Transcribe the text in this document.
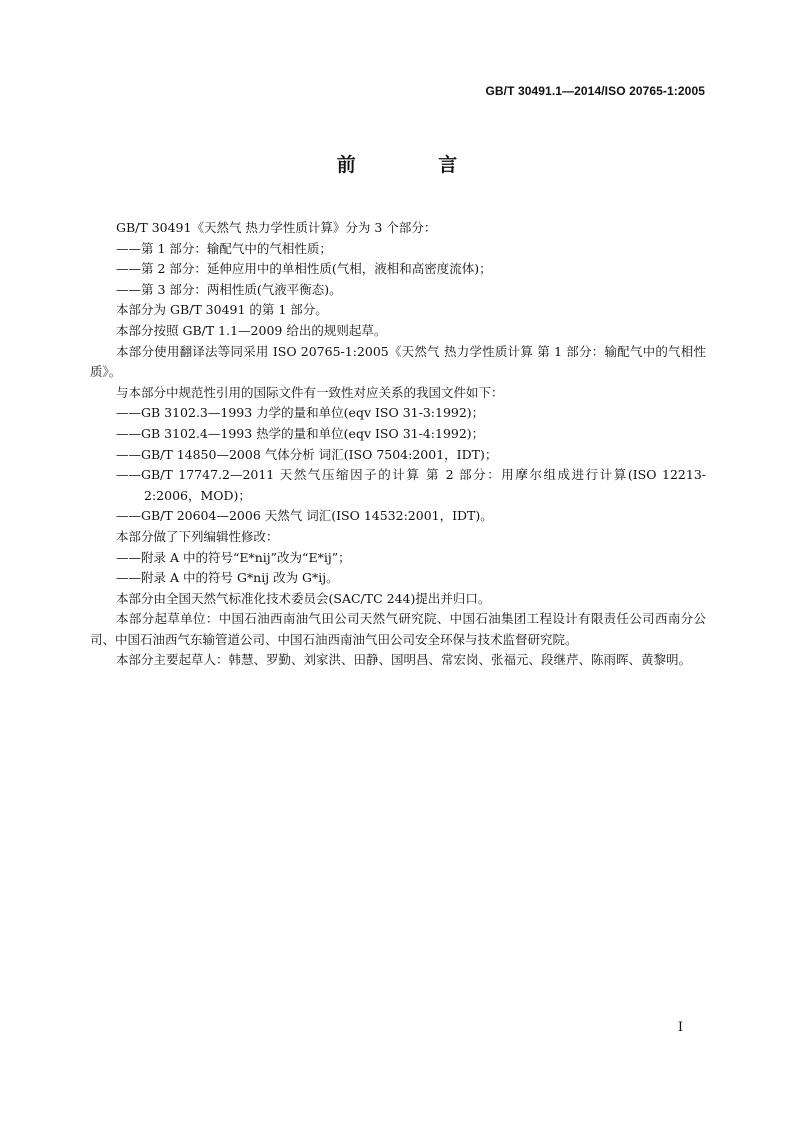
GB/T 30491.1—2014/ISO 20765-1:2005
前 言

GB/T 30491《天然气 热力学性质计算》分为 3 个部分：

——第 1 部分：输配气中的气相性质；

——第 2 部分：延伸应用中的单相性质(气相，液相和高密度流体)；

——第 3 部分：两相性质(气液平衡态)。

本部分为 GB/T 30491 的第 1 部分。

本部分按照 GB/T 1.1—2009 给出的规则起草。

本部分使用翻译法等同采用 ISO 20765-1:2005《天然气 热力学性质计算 第 1 部分：输配气中的气相性质》。

与本部分中规范性引用的国际文件有一致性对应关系的我国文件如下：

——GB 3102.3—1993 力学的量和单位(eqv ISO 31-3:1992)；

——GB 3102.4—1993 热学的量和单位(eqv ISO 31-4:1992)；

——GB/T 14850—2008 气体分析 词汇(ISO 7504:2001，IDT)；

——GB/T 17747.2—2011 天然气压缩因子的计算 第 2 部分：用摩尔组成进行计算(ISO 12213-2:2006，MOD)；

——GB/T 20604—2006 天然气 词汇(ISO 14532:2001，IDT)。

本部分做了下列编辑性修改：

——附录 A 中的符号“E*nij”改为“E*ij”；

——附录 A 中的符号 G*nij 改为 G*ij。

本部分由全国天然气标准化技术委员会(SAC/TC 244)提出并归口。

本部分起草单位：中国石油西南油气田公司天然气研究院、中国石油集团工程设计有限责任公司西南分公司、中国石油西气东输管道公司、中国石油西南油气田公司安全环保与技术监督研究院。

本部分主要起草人：韩慧、罗勤、刘家洪、田静、国明昌、常宏岗、张福元、段继芹、陈雨晖、黄黎明。

I
